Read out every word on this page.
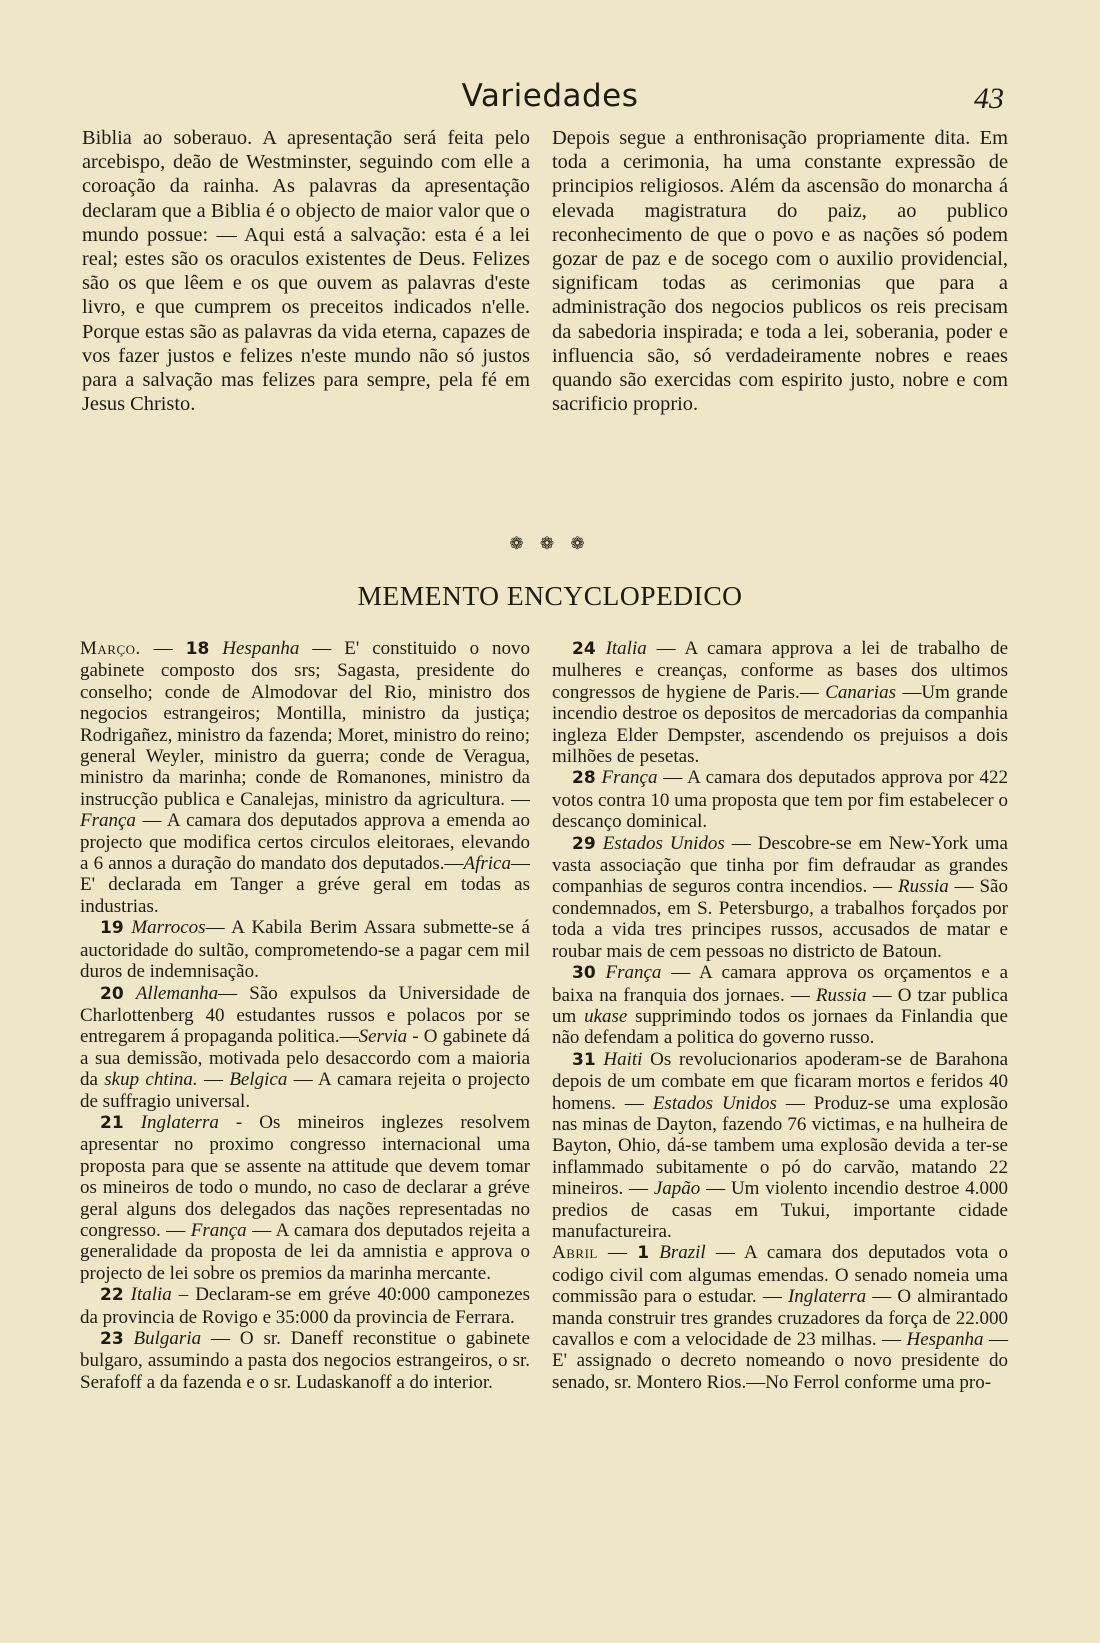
Variedades	43

Biblia ao soberauo. A apresentação será feita pelo arcebispo, deão de Westminster, seguindo com elle a coroação da rainha. As palavras da apresentação declaram que a Biblia é o objecto de maior valor que o mundo possue: — Aqui está a salvação: esta é a lei real; estes são os oraculos existentes de Deus. Felizes são os que lêem e os que ouvem as palavras d'este livro, e que cumprem os preceitos indicados n'elle. Porque estas são as palavras da vida eterna, capazes de vos fazer justos e felizes n'este mundo não só justos para a salvação mas felizes para sempre, pela fé em Jesus Christo.

Depois segue a enthronisação propriamente dita. Em toda a cerimonia, ha uma constante expressão de principios religiosos. Além da ascensão do monarcha á elevada magistratura do paiz, ao publico reconhecimento de que o povo e as nações só podem gozar de paz e de socego com o auxilio providencial, significam todas as cerimonias que para a administração dos negocios publicos os reis precisam da sabedoria inspirada; e toda a lei, soberania, poder e influencia são, só verdadeiramente nobres e reaes quando são exercidas com espirito justo, nobre e com sacrificio proprio.

❁ ❁ ❁
MEMENTO ENCYCLOPEDICO

Março. — 18 Hespanha — E' constituido o novo gabinete composto dos srs; Sagasta, presidente do conselho; conde de Almodovar del Rio, ministro dos negocios estrangeiros; Montilla, ministro da justiça; Rodrigañez, ministro da fazenda; Moret, ministro do reino; general Weyler, ministro da guerra; conde de Veragua, ministro da marinha; conde de Romanones, ministro da instrucção publica e Canalejas, ministro da agricultura. — França — A camara dos deputados approva a emenda ao projecto que modifica certos circulos eleitoraes, elevando a 6 annos a duração do mandato dos deputados.—Africa—E' declarada em Tanger a gréve geral em todas as industrias.

19 Marrocos— A Kabila Berim Assara submette-se á auctoridade do sultão, comprometendo-se a pagar cem mil duros de indemnisação.

20 Allemanha— São expulsos da Universidade de Charlottenberg 40 estudantes russos e polacos por se entregarem á propaganda politica.—Servia - O gabinete dá a sua demissão, motivada pelo desaccordo com a maioria da skup chtina. — Belgica — A camara rejeita o projecto de suffragio universal.

21 Inglaterra - Os mineiros inglezes resolvem apresentar no proximo congresso internacional uma proposta para que se assente na attitude que devem tomar os mineiros de todo o mundo, no caso de declarar a gréve geral alguns dos delegados das nações representadas no congresso. — França — A camara dos deputados rejeita a generalidade da proposta de lei da amnistia e approva o projecto de lei sobre os premios da marinha mercante.

22 Italia – Declaram-se em gréve 40:000 camponezes da provincia de Rovigo e 35:000 da provincia de Ferrara.

23 Bulgaria — O sr. Daneff reconstitue o gabinete bulgaro, assumindo a pasta dos negocios estrangeiros, o sr. Serafoff a da fazenda e o sr. Ludaskanoff a do interior.

24 Italia — A camara approva a lei de trabalho de mulheres e creanças, conforme as bases dos ultimos congressos de hygiene de Paris.— Canarias —Um grande incendio destroe os depositos de mercadorias da companhia ingleza Elder Dempster, ascendendo os prejuisos a dois milhões de pesetas.

28 França — A camara dos deputados approva por 422 votos contra 10 uma proposta que tem por fim estabelecer o descanço dominical.

29 Estados Unidos — Descobre-se em New-York uma vasta associação que tinha por fim defraudar as grandes companhias de seguros contra incendios. — Russia — São condemnados, em S. Petersburgo, a trabalhos forçados por toda a vida tres principes russos, accusados de matar e roubar mais de cem pessoas no districto de Batoun.

30 França — A camara approva os orçamentos e a baixa na franquia dos jornaes. — Russia — O tzar publica um ukase supprimindo todos os jornaes da Finlandia que não defendam a politica do governo russo.

31 Haiti Os revolucionarios apoderam-se de Barahona depois de um combate em que ficaram mortos e feridos 40 homens. — Estados Unidos — Produz-se uma explosão nas minas de Dayton, fazendo 76 victimas, e na hulheira de Bayton, Ohio, dá-se tambem uma explosão devida a ter-se inflammado subitamente o pó do carvão, matando 22 mineiros. — Japão — Um violento incendio destroe 4.000 predios de casas em Tukui, importante cidade manufactureira.

Abril — 1 Brazil — A camara dos deputados vota o codigo civil com algumas emendas. O senado nomeia uma commissão para o estudar. — Inglaterra — O almirantado manda construir tres grandes cruzadores da força de 22.000 cavallos e com a velocidade de 23 milhas. — Hespanha — E' assignado o decreto nomeando o novo presidente do senado, sr. Montero Rios.—No Ferrol conforme uma pro-
